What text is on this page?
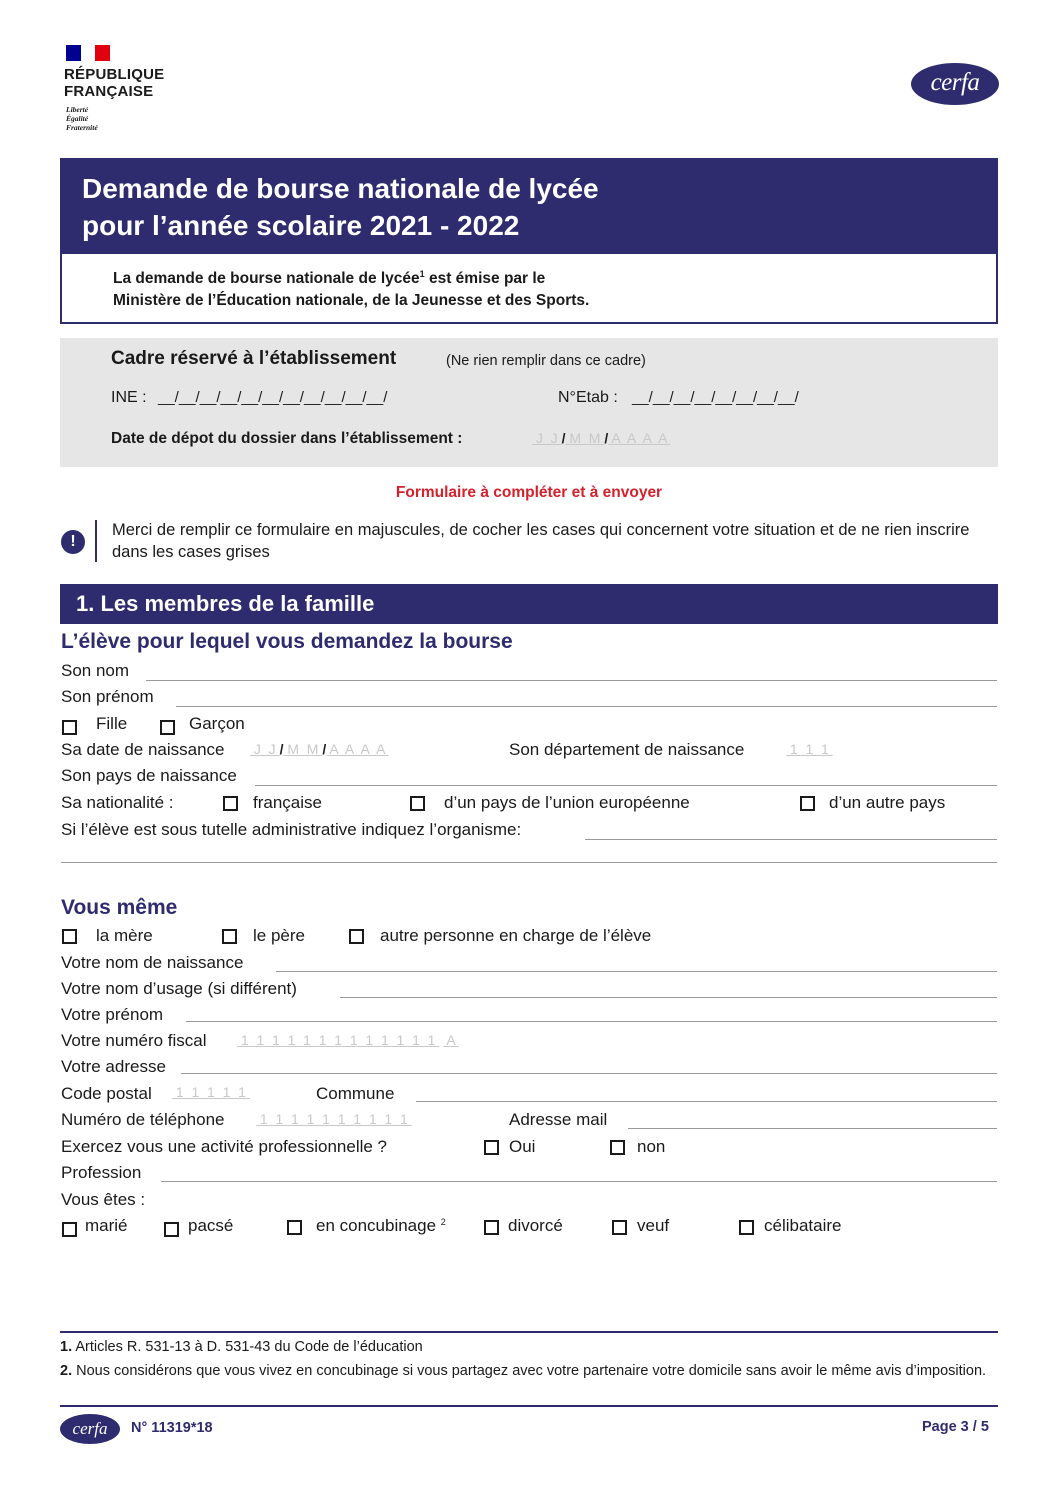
RÉPUBLIQUE
FRANÇAISE
Liberté
Égalité
Fraternité
cerfa
Demande de bourse nationale de lycée
pour l’année scolaire 2021 - 2022
La demande de bourse nationale de lycée$^1$ est émise par le
Ministère de l’Éducation nationale, de la Jeunesse et des Sports.
Cadre réservé à l’établissement	(Ne rien remplir dans ce cadre)
INE : __/__/__/__/__/__/__/__/__/__/__/	N°Etab : __/__/__/__/__/__/__/__/
Date de dépot du dossier dans l’établissement :	J  J / M  M / A  A  A  A
Formulaire à compléter et à envoyer
!
Merci de remplir ce formulaire en majuscules, de cocher les cases qui concernent votre situation et de ne rien inscrire dans les cases grises
1. Les membres de la famille
L’élève pour lequel vous demandez la bourse
Son nom
Son prénom
Fille	Garçon
Sa date de naissance J  J / M  M / A  A  A  A	Son département de naissance	1  1  1
Son pays de naissance
Sa nationalité :	française	d’un pays de l’union européenne	d’un autre pays
Si l’élève est sous tutelle administrative indiquez l’organisme:
Vous même
la mère	le père	autre personne en charge de l’élève
Votre nom de naissance
Votre nom d’usage (si différent)
Votre prénom
Votre numéro fiscal 1  1  1  1  1  1  1  1  1  1  1  1  1   A
Votre adresse
Code postal 1  1  1  1  1	Commune
Numéro de téléphone 1  1  1  1  1  1  1  1  1  1	Adresse mail
Exercez vous une activité professionnelle ?	Oui	non
Profession
Vous êtes :
marié	pacsé	en concubinage $^2$	divorcé	veuf	célibataire
1. Articles R. 531-13 à D. 531-43 du Code de l’éducation
2. Nous considérons que vous vivez en concubinage si vous partagez avec votre partenaire votre domicile sans avoir le même avis d’imposition.
cerfa	N° 11319*18	Page 3 / 5
